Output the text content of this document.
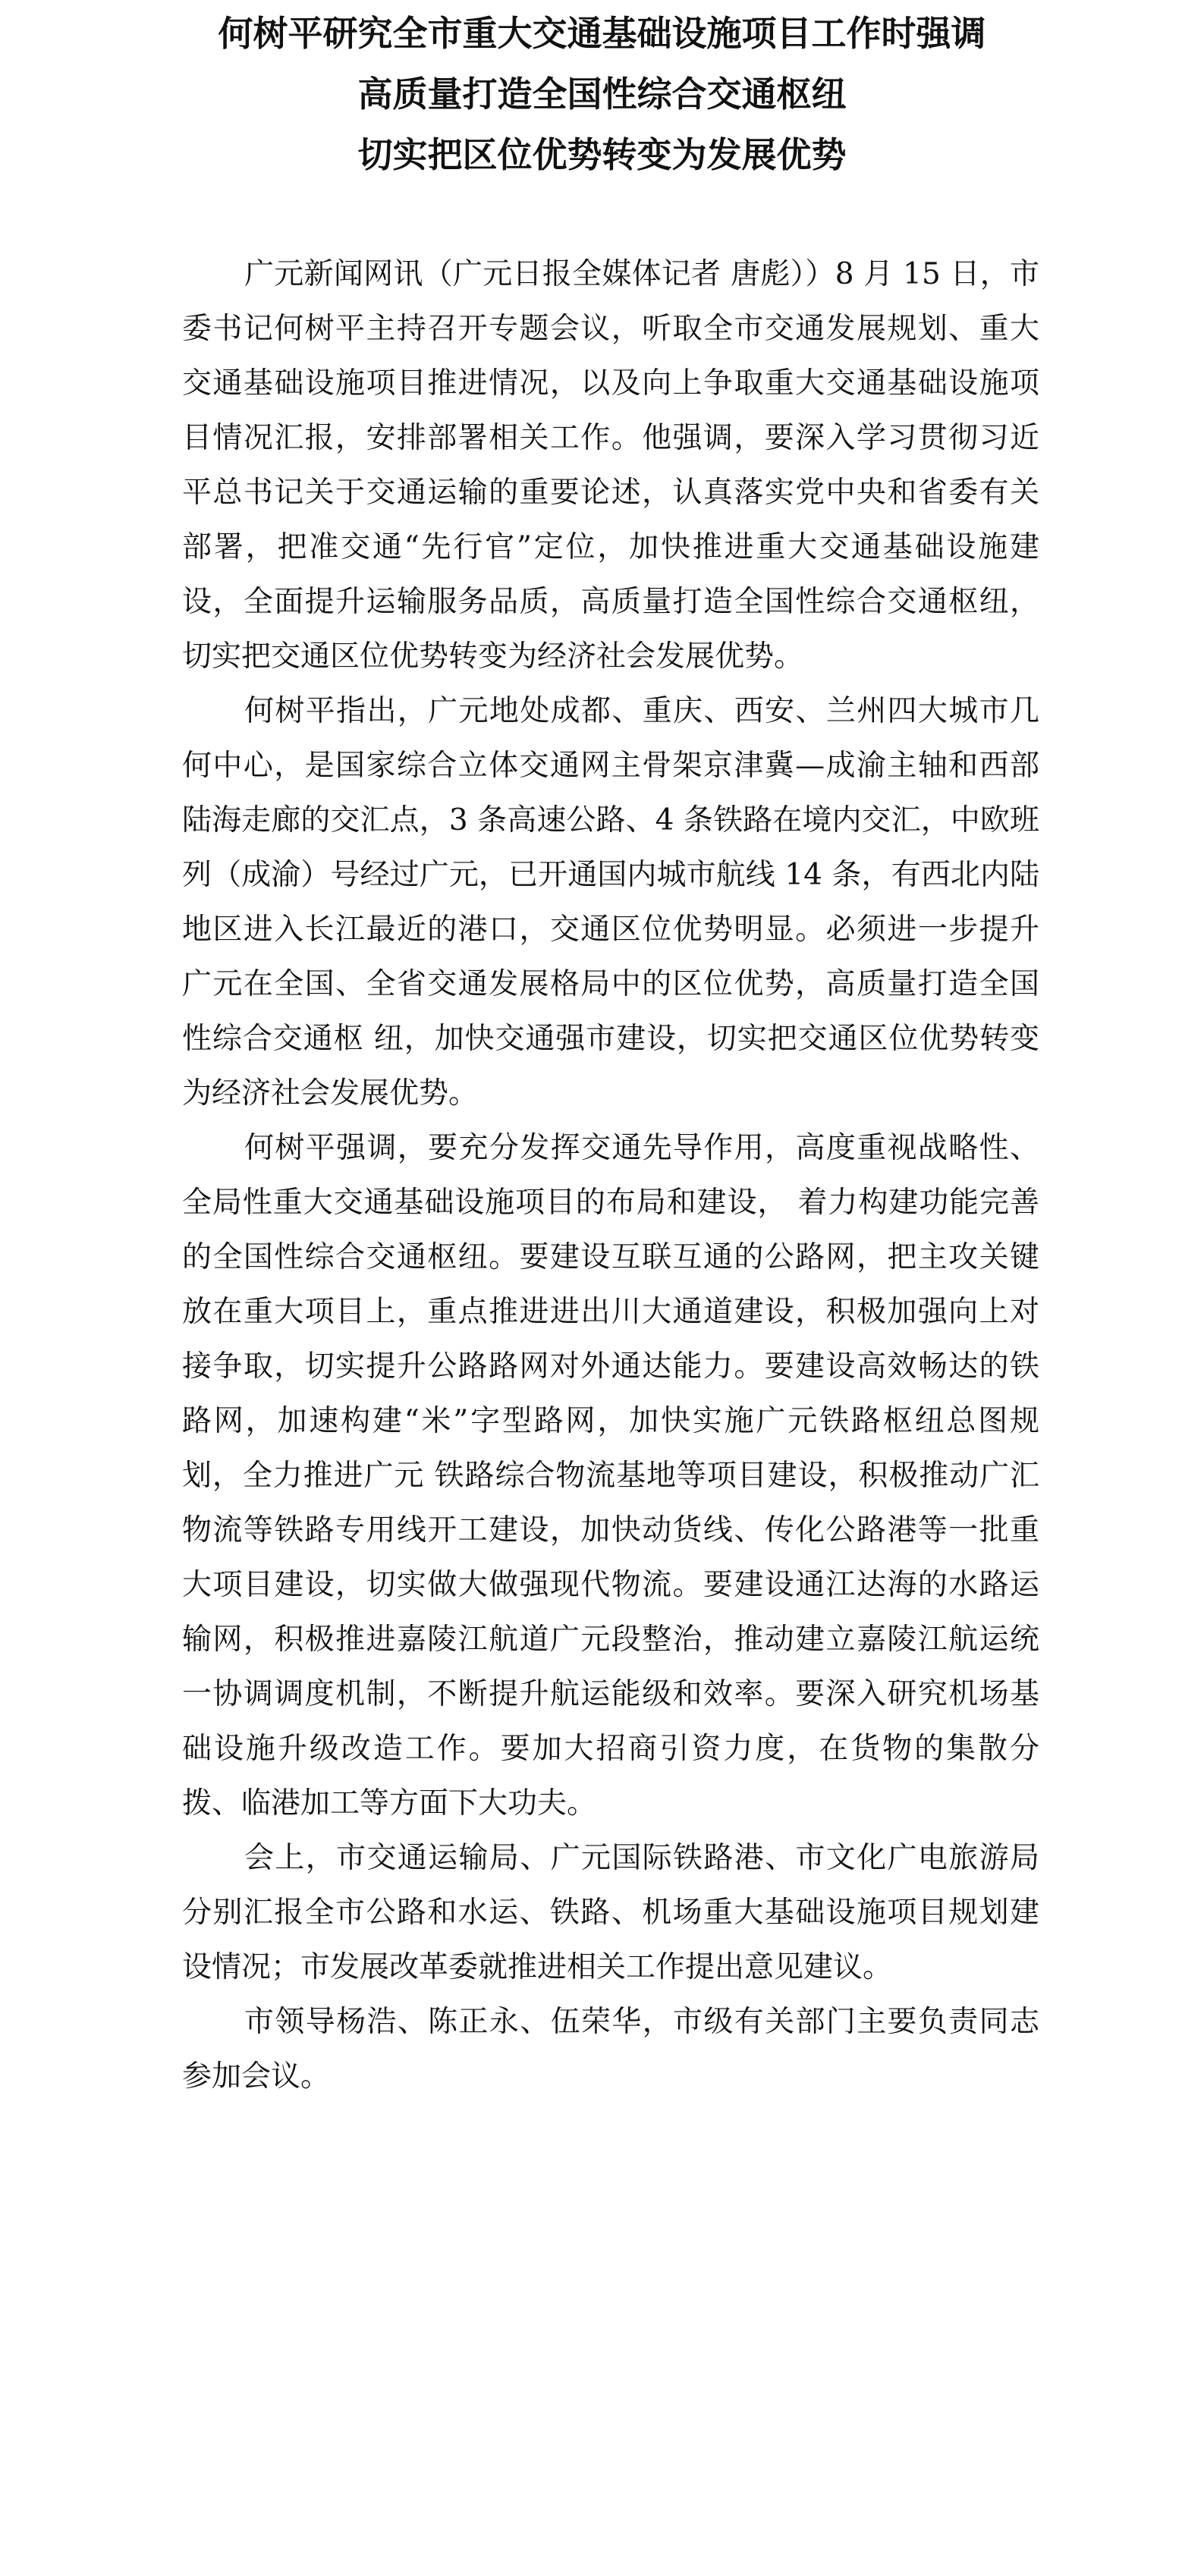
何树平研究全市重大交通基础设施项目工作时强调
高质量打造全国性综合交通枢纽
切实把区位优势转变为发展优势

广元新闻网讯（广元日报全媒体记者 唐彪））8 月 15 日，市委书记何树平主持召开专题会议，听取全市交通发展规划、重大交通基础设施项目推进情况，以及向上争取重大交通基础设施项目情况汇报，安排部署相关工作。他强调，要深入学习贯彻习近平总书记关于交通运输的重要论述，认真落实党中央和省委有关部署，把准交通“先行官”定位，加快推进重大交通基础设施建设，全面提升运输服务品质，高质量打造全国性综合交通枢纽，切实把交通区位优势转变为经济社会发展优势。

何树平指出，广元地处成都、重庆、西安、兰州四大城市几何中心，是国家综合立体交通网主骨架京津冀—成渝主轴和西部陆海走廊的交汇点，3 条高速公路、4 条铁路在境内交汇，中欧班列（成渝）号经过广元，已开通国内城市航线 14 条，有西北内陆地区进入长江最近的港口，交通区位优势明显。必须进一步提升广元在全国、全省交通发展格局中的区位优势，高质量打造全国性综合交通枢 纽，加快交通强市建设，切实把交通区位优势转变为经济社会发展优势。

何树平强调，要充分发挥交通先导作用，高度重视战略性、全局性重大交通基础设施项目的布局和建设， 着力构建功能完善的全国性综合交通枢纽。要建设互联互通的公路网，把主攻关键放在重大项目上，重点推进进出川大通道建设，积极加强向上对接争取，切实提升公路路网对外通达能力。要建设高效畅达的铁路网，加速构建“米”字型路网，加快实施广元铁路枢纽总图规划，全力推进广元 铁路综合物流基地等项目建设，积极推动广汇物流等铁路专用线开工建设，加快动货线、传化公路港等一批重大项目建设，切实做大做强现代物流。要建设通江达海的水路运输网，积极推进嘉陵江航道广元段整治，推动建立嘉陵江航运统一协调调度机制，不断提升航运能级和效率。要深入研究机场基础设施升级改造工作。要加大招商引资力度，在货物的集散分拨、临港加工等方面下大功夫。

会上，市交通运输局、广元国际铁路港、市文化广电旅游局分别汇报全市公路和水运、铁路、机场重大基础设施项目规划建设情况；市发展改革委就推进相关工作提出意见建议。

市领导杨浩、陈正永、伍荣华，市级有关部门主要负责同志参加会议。
